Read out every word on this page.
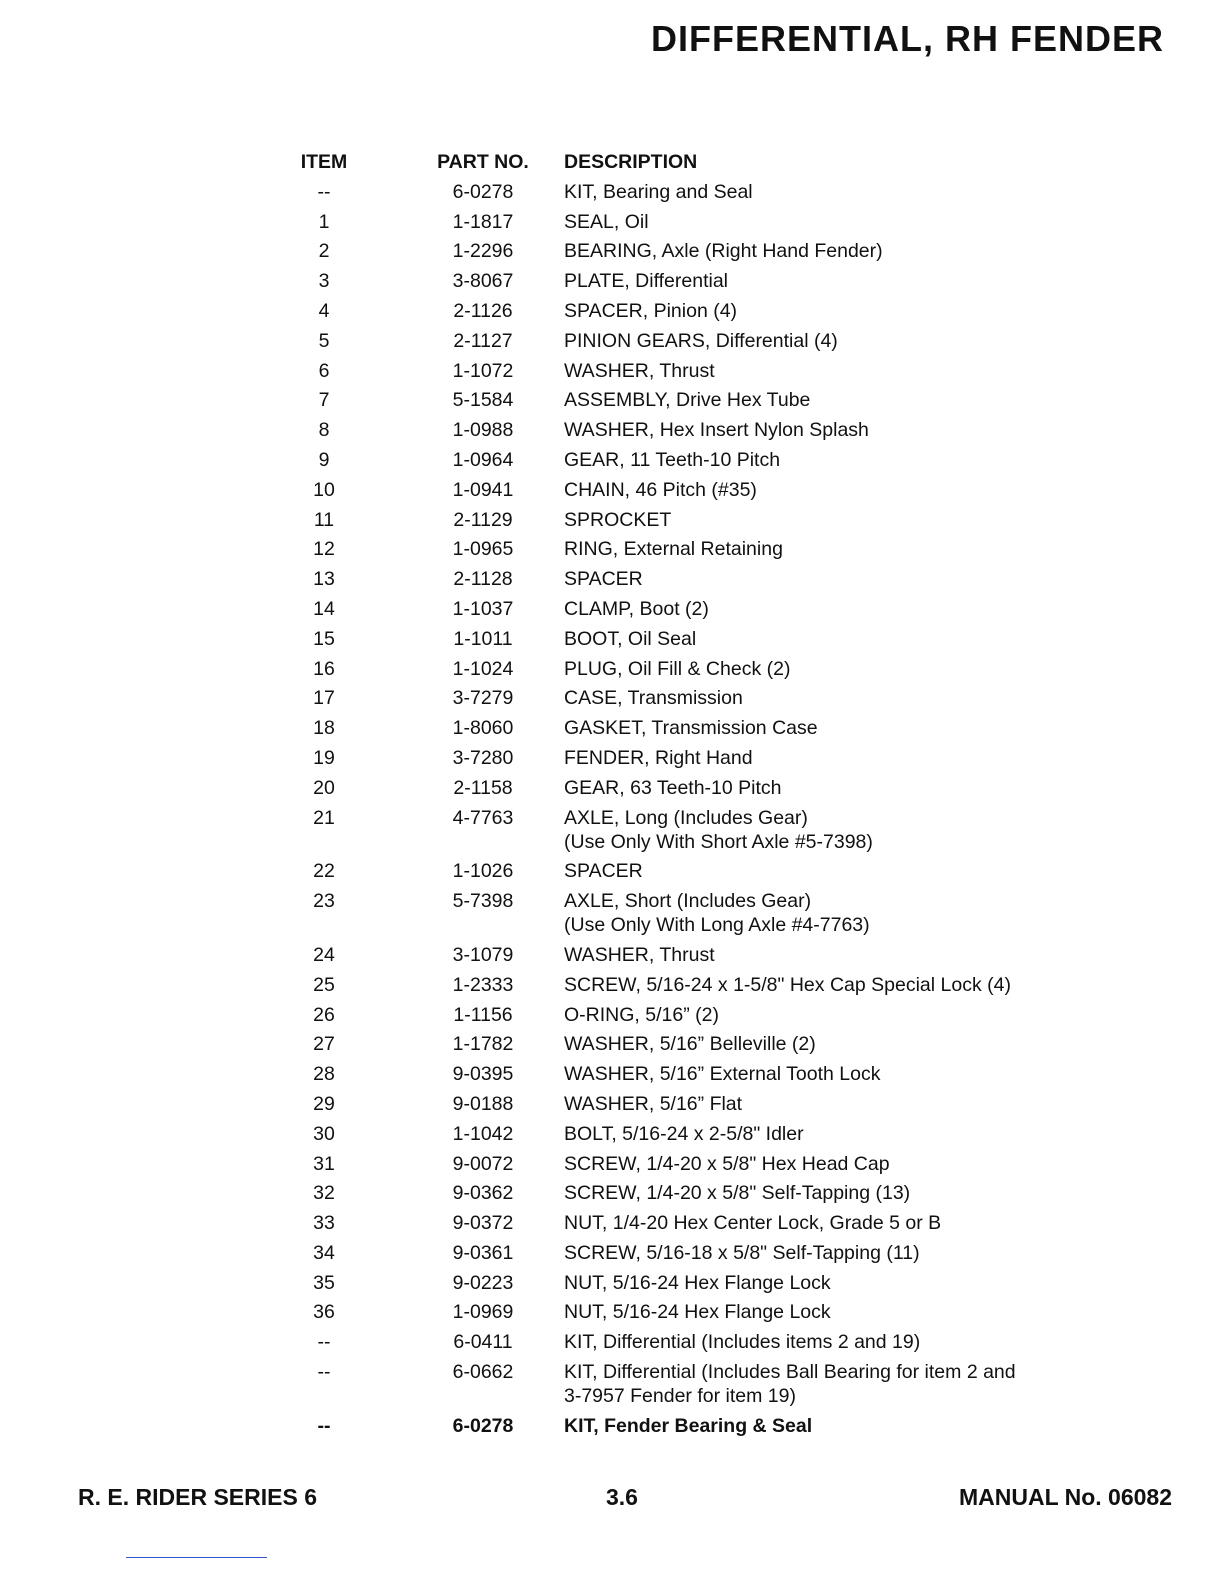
DIFFERENTIAL, RH FENDER
ITEM	PART NO.	DESCRIPTION
--	6-0278	KIT, Bearing and Seal
1	1-1817	SEAL, Oil
2	1-2296	BEARING, Axle (Right Hand Fender)
3	3-8067	PLATE, Differential
4	2-1126	SPACER, Pinion (4)
5	2-1127	PINION GEARS, Differential (4)
6	1-1072	WASHER, Thrust
7	5-1584	ASSEMBLY, Drive Hex Tube
8	1-0988	WASHER, Hex Insert Nylon Splash
9	1-0964	GEAR, 11 Teeth-10 Pitch
10	1-0941	CHAIN, 46 Pitch (#35)
11	2-1129	SPROCKET
12	1-0965	RING, External Retaining
13	2-1128	SPACER
14	1-1037	CLAMP, Boot (2)
15	1-1011	BOOT, Oil Seal
16	1-1024	PLUG, Oil Fill & Check (2)
17	3-7279	CASE, Transmission
18	1-8060	GASKET, Transmission Case
19	3-7280	FENDER, Right Hand
20	2-1158	GEAR, 63 Teeth-10 Pitch
21	4-7763	AXLE, Long (Includes Gear)
(Use Only With Short Axle #5-7398)
22	1-1026	SPACER
23	5-7398	AXLE, Short (Includes Gear)
(Use Only With Long Axle #4-7763)
24	3-1079	WASHER, Thrust
25	1-2333	SCREW, 5/16-24 x 1-5/8" Hex Cap Special Lock (4)
26	1-1156	O-RING, 5/16” (2)
27	1-1782	WASHER, 5/16” Belleville (2)
28	9-0395	WASHER, 5/16” External Tooth Lock
29	9-0188	WASHER, 5/16” Flat
30	1-1042	BOLT, 5/16-24 x 2-5/8" Idler
31	9-0072	SCREW, 1/4-20 x 5/8" Hex Head Cap
32	9-0362	SCREW, 1/4-20 x 5/8" Self-Tapping (13)
33	9-0372	NUT, 1/4-20 Hex Center Lock, Grade 5 or B
34	9-0361	SCREW, 5/16-18 x 5/8" Self-Tapping (11)
35	9-0223	NUT, 5/16-24 Hex Flange Lock
36	1-0969	NUT, 5/16-24 Hex Flange Lock
--	6-0411	KIT, Differential (Includes items 2 and 19)
--	6-0662	KIT, Differential (Includes Ball Bearing for item 2 and
3-7957 Fender for item 19)
--	6-0278	KIT, Fender Bearing & Seal
R. E. RIDER SERIES 6	3.6	MANUAL No. 06082
